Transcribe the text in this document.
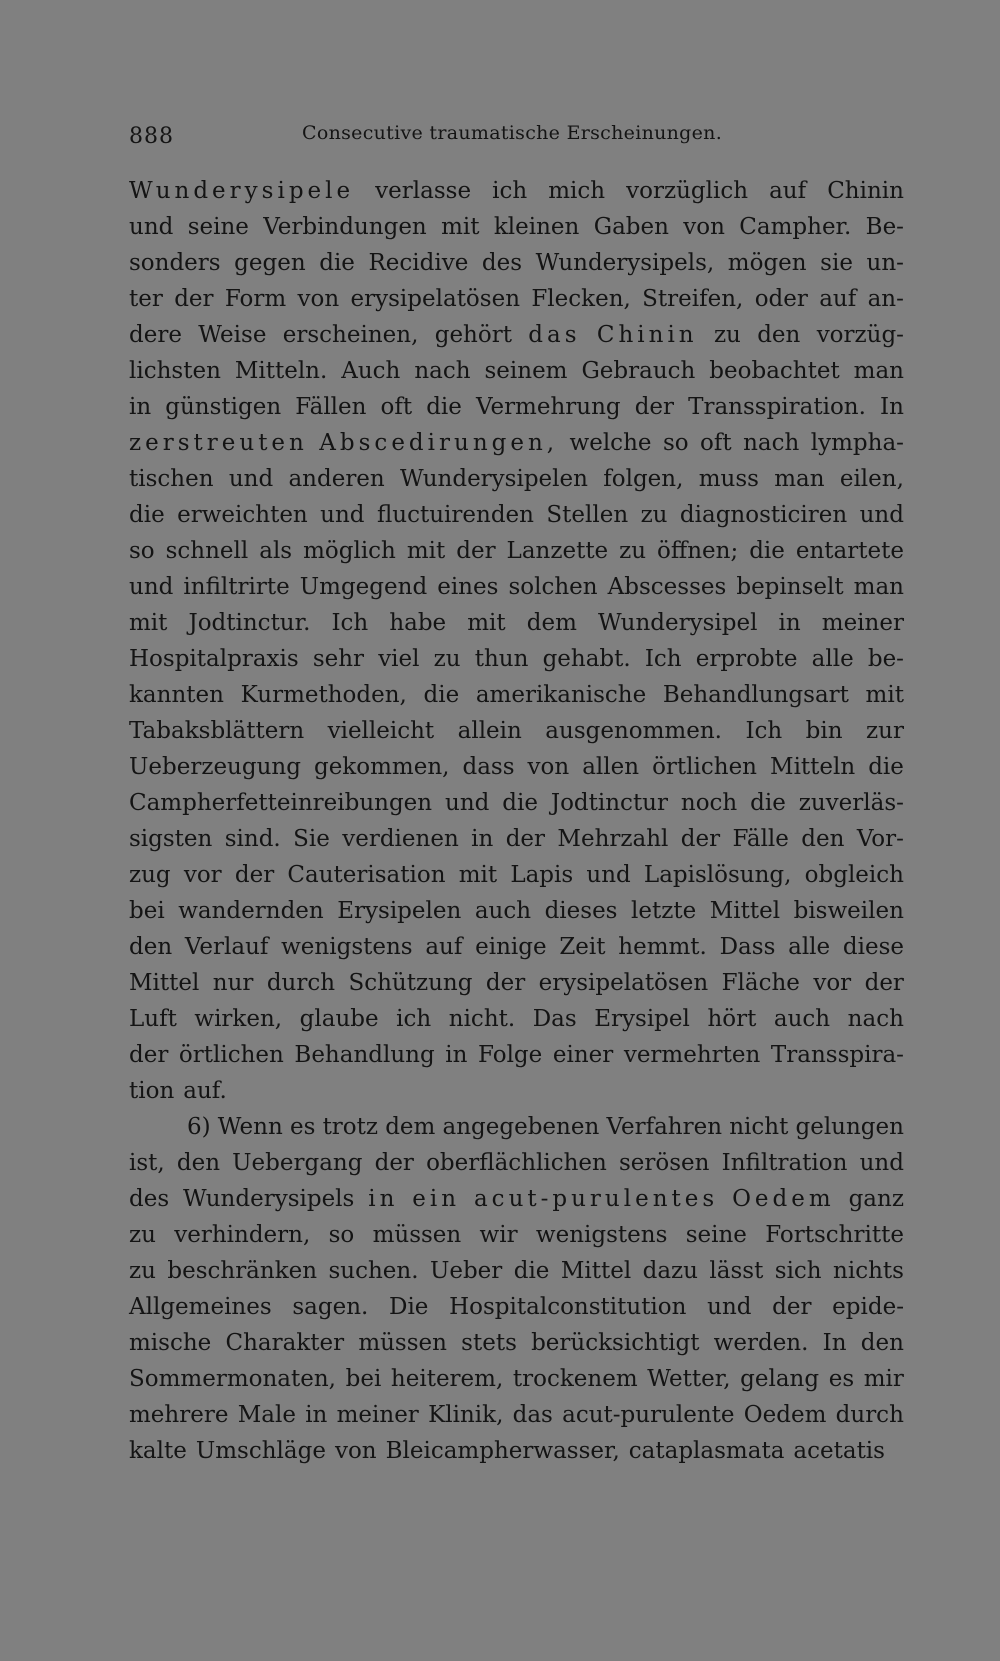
888	Consecutive traumatische Erscheinungen.
Wunderysipele verlasse ich mich vorzüglich auf Chinin
und seine Verbindungen mit kleinen Gaben von Campher. Be-
sonders gegen die Recidive des Wunderysipels, mögen sie un-
ter der Form von erysipelatösen Flecken, Streifen, oder auf an-
dere Weise erscheinen, gehört das Chinin zu den vorzüg-
lichsten Mitteln. Auch nach seinem Gebrauch beobachtet man
in günstigen Fällen oft die Vermehrung der Transspiration. In
zerstreuten Abscedirungen, welche so oft nach lympha-
tischen und anderen Wunderysipelen folgen, muss man eilen,
die erweichten und fluctuirenden Stellen zu diagnosticiren und
so schnell als möglich mit der Lanzette zu öffnen; die entartete
und infiltrirte Umgegend eines solchen Abscesses bepinselt man
mit Jodtinctur. Ich habe mit dem Wunderysipel in meiner
Hospitalpraxis sehr viel zu thun gehabt. Ich erprobte alle be-
kannten Kurmethoden, die amerikanische Behandlungsart mit
Tabaksblättern vielleicht allein ausgenommen. Ich bin zur
Ueberzeugung gekommen, dass von allen örtlichen Mitteln die
Campherfetteinreibungen und die Jodtinctur noch die zuverläs-
sigsten sind. Sie verdienen in der Mehrzahl der Fälle den Vor-
zug vor der Cauterisation mit Lapis und Lapislösung, obgleich
bei wandernden Erysipelen auch dieses letzte Mittel bisweilen
den Verlauf wenigstens auf einige Zeit hemmt. Dass alle diese
Mittel nur durch Schützung der erysipelatösen Fläche vor der
Luft wirken, glaube ich nicht. Das Erysipel hört auch nach
der örtlichen Behandlung in Folge einer vermehrten Transspira-
tion auf.
6) Wenn es trotz dem angegebenen Verfahren nicht gelungen
ist, den Uebergang der oberflächlichen serösen Infiltration und
des Wunderysipels in ein acut-purulentes Oedem ganz
zu verhindern, so müssen wir wenigstens seine Fortschritte
zu beschränken suchen. Ueber die Mittel dazu lässt sich nichts
Allgemeines sagen. Die Hospitalconstitution und der epide-
mische Charakter müssen stets berücksichtigt werden. In den
Sommermonaten, bei heiterem, trockenem Wetter, gelang es mir
mehrere Male in meiner Klinik, das acut-purulente Oedem durch
kalte Umschläge von Bleicampherwasser, cataplasmata acetatis
